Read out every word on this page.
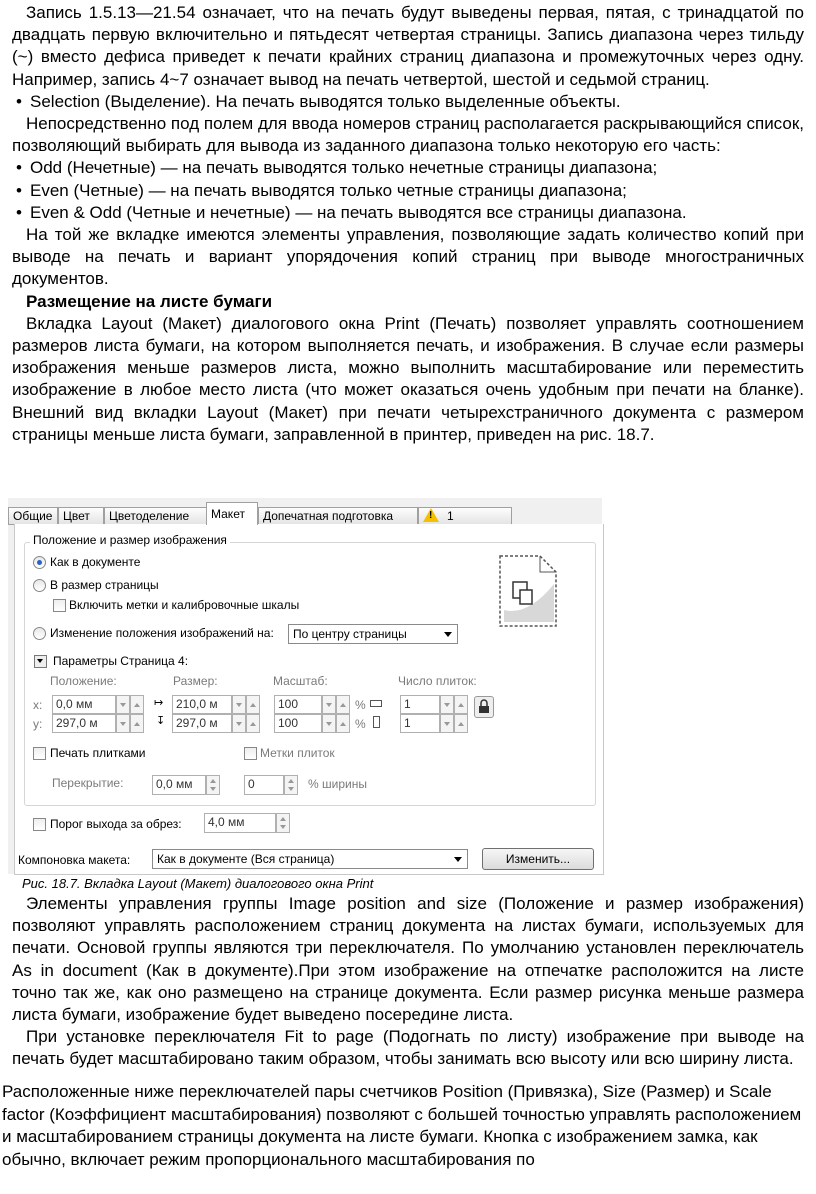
Запись 1.5.13—21.54 означает, что на печать будут выведены первая, пятая, с тринадцатой по двадцать первую включительно и пятьдесят четвертая страницы. Запись диапазона через тильду (~) вместо дефиса приведет к печати крайних страниц диапазона и промежуточных через одну. Например, запись 4~7 означает вывод на печать четвертой, шестой и седьмой страниц.

• Selection (Выделение). На печать выводятся только выделенные объекты.

Непосредственно под полем для ввода номеров страниц располагается раскрывающийся список, позволяющий выбирать для вывода из заданного диапазона только некоторую его часть:

• Odd (Нечетные) — на печать выводятся только нечетные страницы диапазона;

• Even (Четные) — на печать выводятся только четные страницы диапазона;

• Even & Odd (Четные и нечетные) — на печать выводятся все страницы диапазона.

На той же вкладке имеются элементы управления, позволяющие задать количество копий при выводе на печать и вариант упорядочения копий страниц при выводе многостраничных документов.

Размещение на листе бумаги

Вкладка Layout (Макет) диалогового окна Print (Печать) позволяет управлять соотношением размеров листа бумаги, на котором выполняется печать, и изображения. В случае если размеры изображения меньше размеров листа, можно выполнить масштабирование или переместить изображение в любое место листа (что может оказаться очень удобным при печати на бланке). Внешний вид вкладки Layout (Макет) при печати четырехстраничного документа с размером страницы меньше листа бумаги, заправленной в принтер, приведен на рис. 18.7.

Общие Цвет	Цветоделение	Макет	Допечатная подготовка
!	1
Положение и размер изображения
Как в документе
В размер страницы
Включить метки и калибровочные шкалы
Изменение положения изображений на:	По центру страницы
Параметры Страница 4:
Положение:	Размер:	Масштаб:	Число плиток:
x:	0,0 мм	↦	210,0 м	100	%	1
y:	297,0 м	↧ 297,0 м	100	%	1
Печать плитками	Метки плиток
Перекрытие:	0,0 мм	0	% ширины
Порог выхода за обрез:	4,0 мм
Компоновка макета:	Как в документе (Вся страница)	Изменить...
Рис. 18.7. Вкладка Layout (Макет) диалогового окна Print

Элементы управления группы Image position and size (Положение и размер изображения) позволяют управлять расположением страниц документа на листах бумаги, используемых для печати. Основой группы являются три переключателя. По умолчанию установлен переключатель As in document (Как в документе).При этом изображение на отпечатке расположится на листе точно так же, как оно размещено на странице документа. Если размер рисунка меньше размера листа бумаги, изображение будет выведено посередине листа.

При установке переключателя Fit to page (Подогнать по листу) изображение при выводе на печать будет масштабировано таким образом, чтобы занимать всю высоту или всю ширину листа.

Расположенные ниже переключателей пары счетчиков Position (Привязка), Size (Размер) и Scale factor (Коэффициент масштабирования) позволяют с большей точностью управлять расположением и масштабированием страницы документа на листе бумаги. Кнопка с изображением замка, как обычно, включает режим пропорционального масштабирования по
